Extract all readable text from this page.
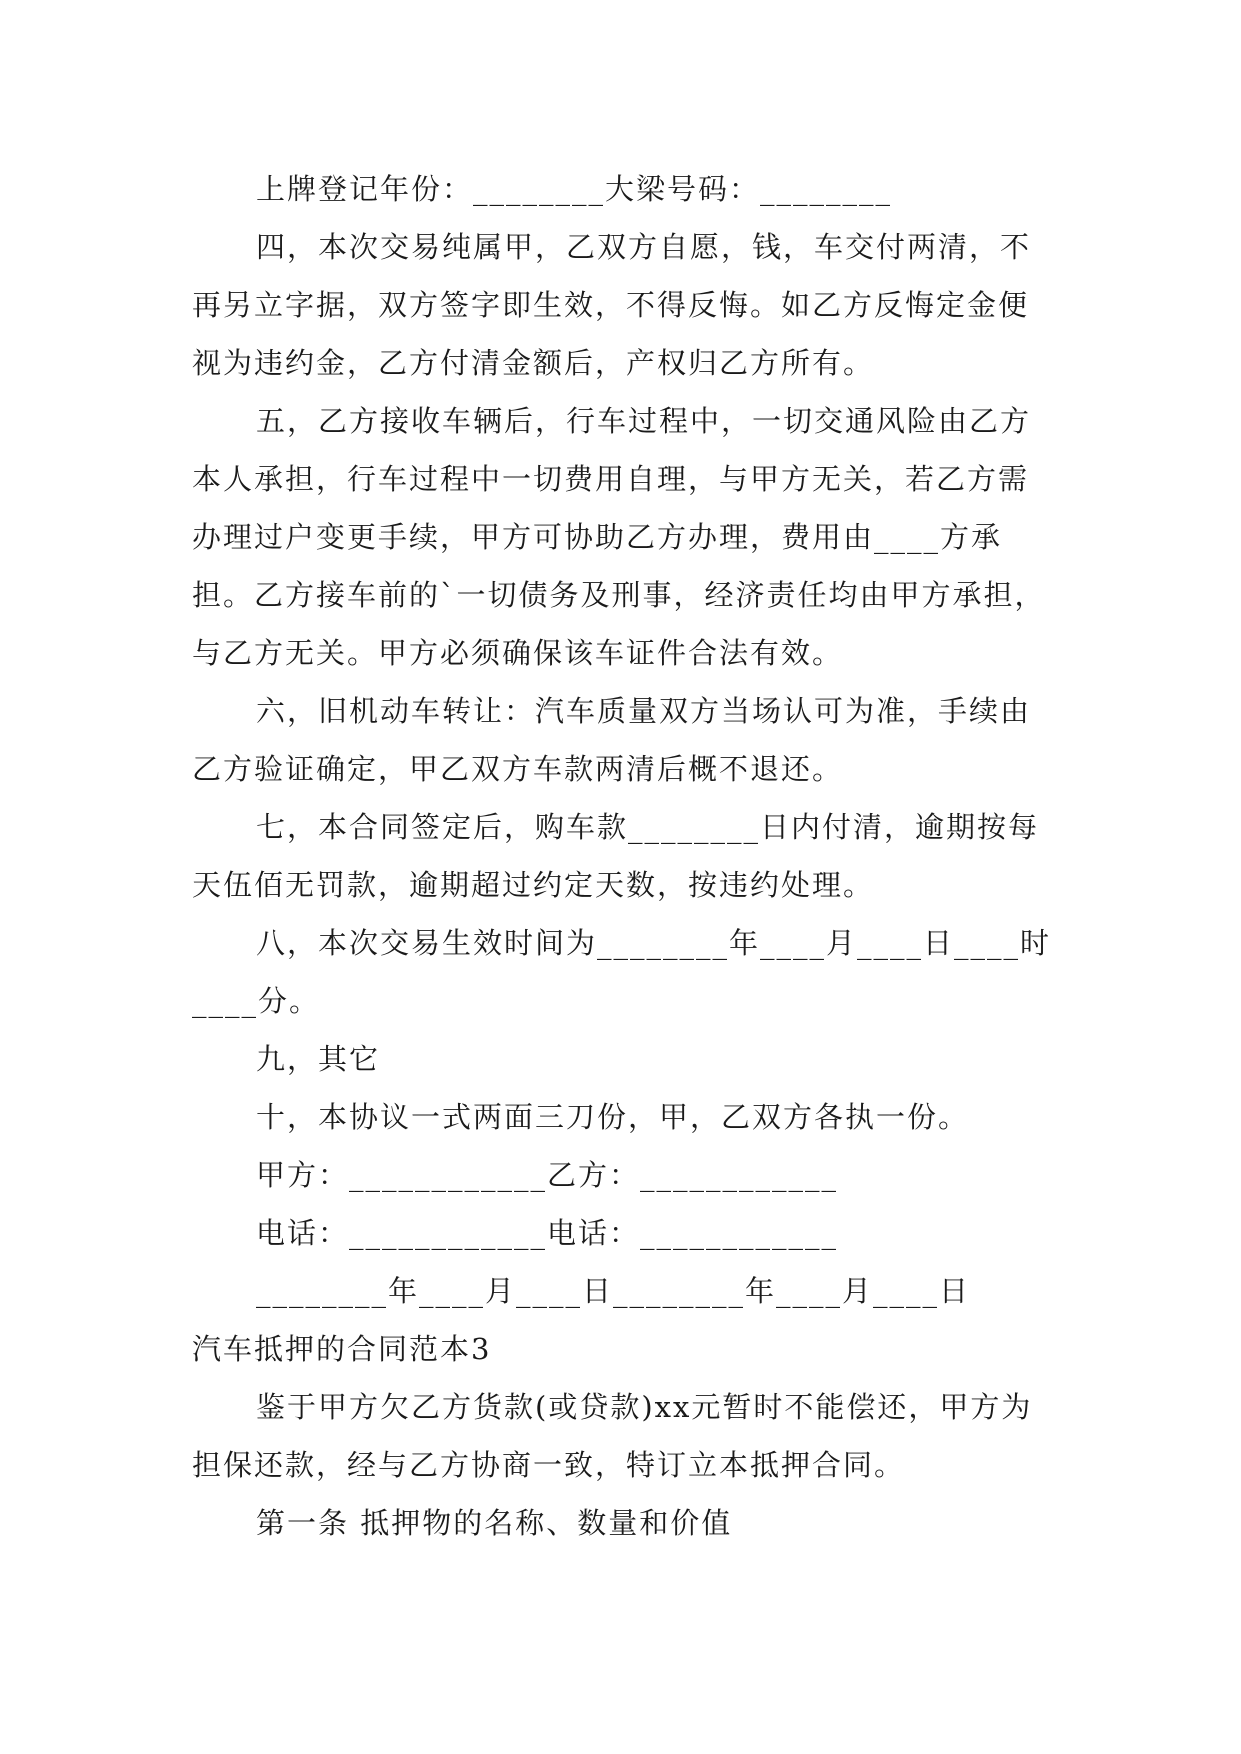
上牌登记年份：________大梁号码：________

四，本次交易纯属甲，乙双方自愿，钱，车交付两清，不再另立字据，双方签字即生效，不得反悔。如乙方反悔定金便视为违约金，乙方付清金额后，产权归乙方所有。

五，乙方接收车辆后，行车过程中，一切交通风险由乙方本人承担，行车过程中一切费用自理，与甲方无关，若乙方需办理过户变更手续，甲方可协助乙方办理，费用由____方承担。乙方接车前的`一切债务及刑事，经济责任均由甲方承担，与乙方无关。甲方必须确保该车证件合法有效。

六，旧机动车转让：汽车质量双方当场认可为准，手续由乙方验证确定，甲乙双方车款两清后概不退还。

七，本合同签定后，购车款________日内付清，逾期按每天伍佰无罚款，逾期超过约定天数，按违约处理。

八，本次交易生效时间为________年____月____日____时____分。

九，其它

十，本协议一式两面三刀份，甲，乙双方各执一份。

甲方：____________乙方：____________

电话：____________电话：____________

________年____月____日________年____月____日

汽车抵押的合同范本3

鉴于甲方欠乙方货款(或贷款)xx元暂时不能偿还，甲方为担保还款，经与乙方协商一致，特订立本抵押合同。

第一条 抵押物的名称、数量和价值
